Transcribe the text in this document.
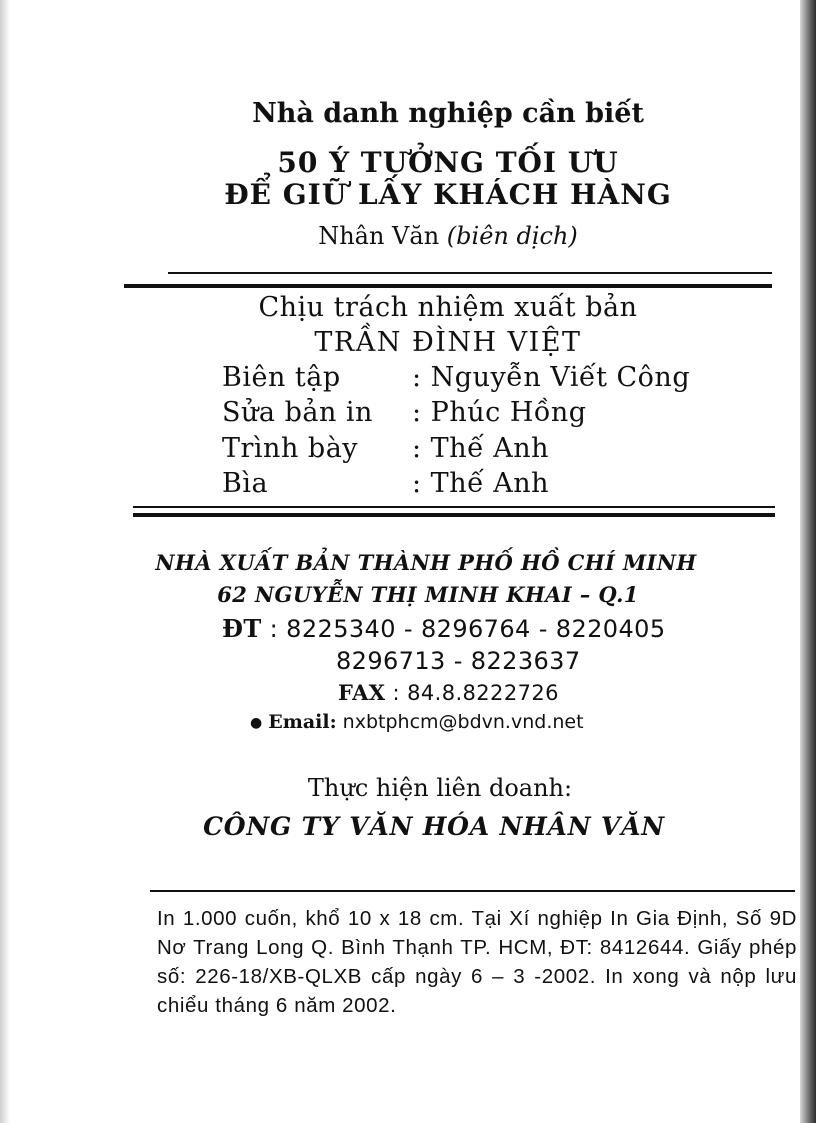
Nhà danh nghiệp cần biết
50 Ý TƯỞNG TỐI ƯU
ĐỂ GIỮ LẤY KHÁCH HÀNG
Nhân Văn (biên dịch)
Chịu trách nhiệm xuất bản
TRẦN ĐÌNH VIỆT
Biên tập	: Nguyễn Viết Công
Sửa bản in : Phúc Hồng
Trình bày : Thế Anh
Bìa	: Thế Anh
NHÀ XUẤT BẢN THÀNH PHỐ HỒ CHÍ MINH
62 NGUYỄN THỊ MINH KHAI – Q.1
ĐT : 8225340 - 8296764 - 8220405
8296713 - 8223637
FAX : 84.8.8222726
● Email: nxbtphcm@bdvn.vnd.net
Thực hiện liên doanh:
CÔNG TY VĂN HÓA NHÂN VĂN
In 1.000 cuốn, khổ 10 x 18 cm. Tại Xí nghiệp In Gia Định, Số 9D Nơ Trang Long Q. Bình Thạnh TP. HCM, ĐT: 8412644. Giấy phép số: 226-18/XB-QLXB cấp ngày 6 – 3 -2002. In xong và nộp lưu chiểu tháng 6 năm 2002.
